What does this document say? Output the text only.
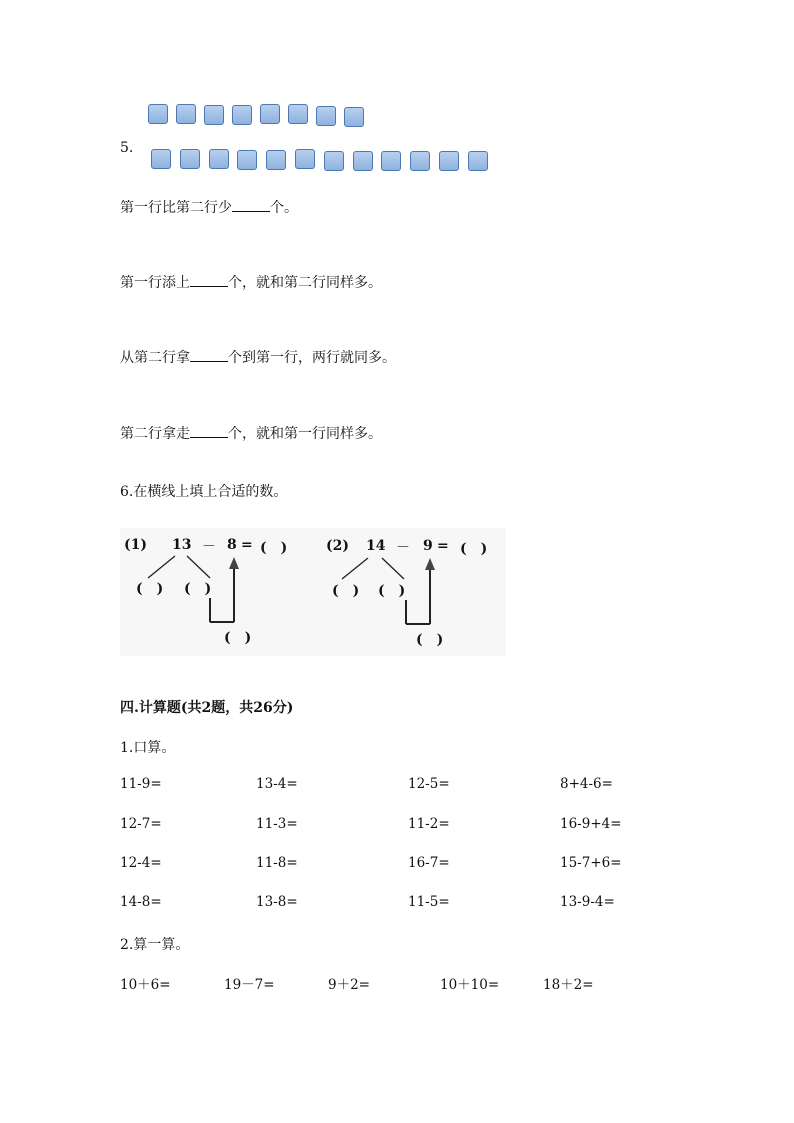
5.
第一行比第二行少	个。
第一行添上	个，就和第二行同样多。
从第二行拿	个到第一行，两行就同多。
第二行拿走	个，就和第一行同样多。
6.在横线上填上合适的数。
(1) 13 － 8 = (　)
(　) (　)
(　)
(2) 14 － 9 = (　)
(　) (　)
(　)
四.计算题(共2题，共26分)
1.口算。
11-9=	13-4=	12-5=	8+4-6=
12-7=	11-3=	11-2=	16-9+4=
12-4=	11-8=	16-7=	15-7+6=
14-8=	13-8=	11-5=	13-9-4=
2.算一算。
10＋6=	19－7=	9＋2=	10＋10=	18＋2=
